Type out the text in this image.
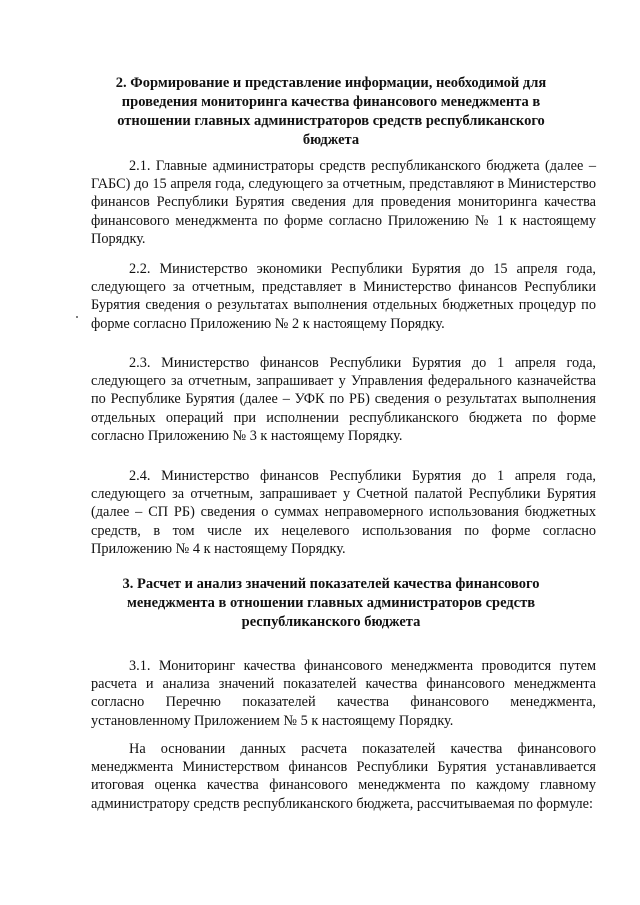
2. Формирование и представление информации, необходимой для проведения мониторинга качества финансового менеджмента в отношении главных администраторов средств республиканского бюджета
2.1. Главные администраторы средств республиканского бюджета (далее – ГАБС) до 15 апреля года, следующего за отчетным, представляют в Министерство финансов Республики Бурятия сведения для проведения мониторинга качества финансового менеджмента по форме согласно Приложению № 1 к настоящему Порядку.
2.2. Министерство экономики Республики Бурятия до 15 апреля года, следующего за отчетным, представляет в Министерство финансов Республики Бурятия сведения о результатах выполнения отдельных бюджетных процедур по форме согласно Приложению № 2 к настоящему Порядку.
2.3. Министерство финансов Республики Бурятия до 1 апреля года, следующего за отчетным, запрашивает у Управления федерального казначейства по Республике Бурятия (далее – УФК по РБ) сведения о результатах выполнения отдельных операций при исполнении республиканского бюджета по форме согласно Приложению № 3 к настоящему Порядку.
2.4. Министерство финансов Республики Бурятия до 1 апреля года, следующего за отчетным, запрашивает у Счетной палатой Республики Бурятия (далее – СП РБ) сведения о суммах неправомерного использования бюджетных средств, в том числе их нецелевого использования по форме согласно Приложению № 4 к настоящему Порядку.
3. Расчет и анализ значений показателей качества финансового менеджмента в отношении главных администраторов средств республиканского бюджета
3.1. Мониторинг качества финансового менеджмента проводится путем расчета и анализа значений показателей качества финансового менеджмента согласно Перечню показателей качества финансового менеджмента, установленному Приложением № 5 к настоящему Порядку.
На основании данных расчета показателей качества финансового менеджмента Министерством финансов Республики Бурятия устанавливается итоговая оценка качества финансового менеджмента по каждому главному администратору средств республиканского бюджета, рассчитываемая по формуле:
